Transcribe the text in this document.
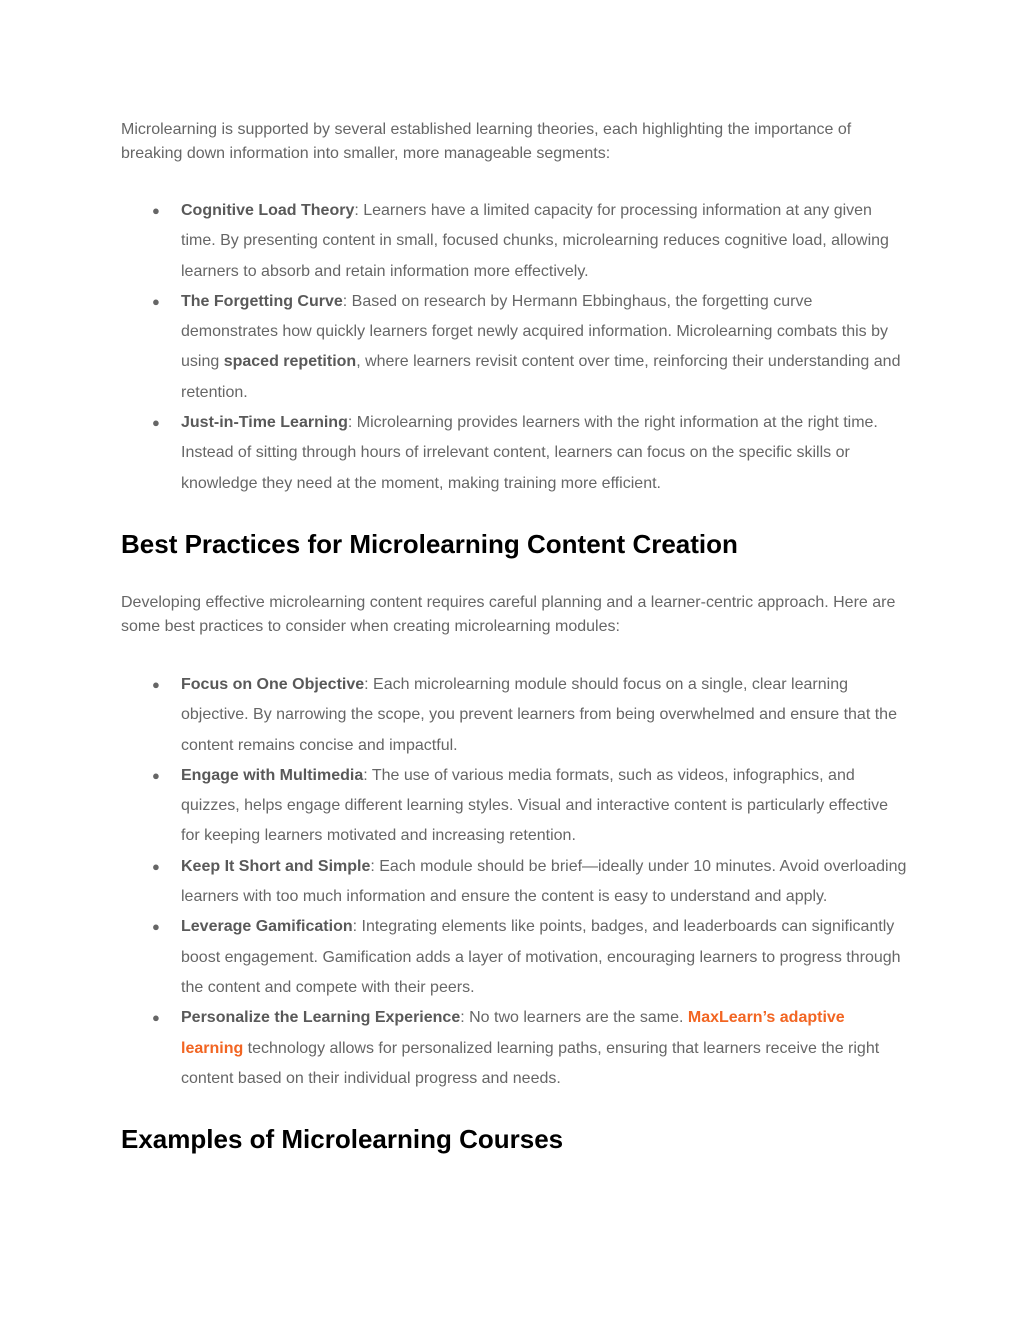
Microlearning is supported by several established learning theories, each highlighting the importance of breaking down information into smaller, more manageable segments:

● Cognitive Load Theory: Learners have a limited capacity for processing information at any given time. By presenting content in small, focused chunks, microlearning reduces cognitive load, allowing learners to absorb and retain information more effectively.
● The Forgetting Curve: Based on research by Hermann Ebbinghaus, the forgetting curve demonstrates how quickly learners forget newly acquired information. Microlearning combats this by using spaced repetition, where learners revisit content over time, reinforcing their understanding and retention.
● Just-in-Time Learning: Microlearning provides learners with the right information at the right time. Instead of sitting through hours of irrelevant content, learners can focus on the specific skills or knowledge they need at the moment, making training more efficient.
Best Practices for Microlearning Content Creation

Developing effective microlearning content requires careful planning and a learner-centric approach. Here are some best practices to consider when creating microlearning modules:

● Focus on One Objective: Each microlearning module should focus on a single, clear learning objective. By narrowing the scope, you prevent learners from being overwhelmed and ensure that the content remains concise and impactful.
● Engage with Multimedia: The use of various media formats, such as videos, infographics, and quizzes, helps engage different learning styles. Visual and interactive content is particularly effective for keeping learners motivated and increasing retention.
● Keep It Short and Simple: Each module should be brief—ideally under 10 minutes. Avoid overloading learners with too much information and ensure the content is easy to understand and apply.
● Leverage Gamification: Integrating elements like points, badges, and leaderboards can significantly boost engagement. Gamification adds a layer of motivation, encouraging learners to progress through the content and compete with their peers.
● Personalize the Learning Experience: No two learners are the same. MaxLearn’s adaptive learning technology allows for personalized learning paths, ensuring that learners receive the right content based on their individual progress and needs.
Examples of Microlearning Courses
